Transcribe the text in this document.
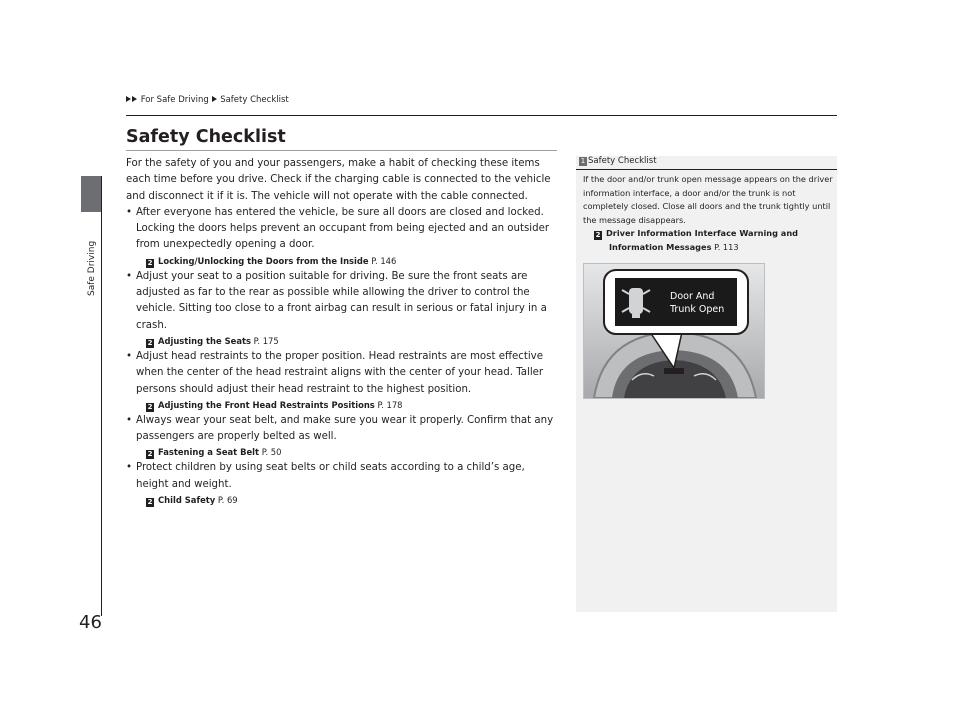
Safe Driving
For Safe Driving Safety Checklist
Safety Checklist

For the safety of you and your passengers, make a habit of checking these items each time before you drive. Check if the charging cable is connected to the vehicle and disconnect it if it is. The vehicle will not operate with the cable connected.

• After everyone has entered the vehicle, be sure all doors are closed and locked. Locking the doors helps prevent an occupant from being ejected and an outsider from unexpectedly opening a door.
2 Locking/Unlocking the Doors from the Inside P. 146
• Adjust your seat to a position suitable for driving. Be sure the front seats are adjusted as far to the rear as possible while allowing the driver to control the vehicle. Sitting too close to a front airbag can result in serious or fatal injury in a crash.
2 Adjusting the Seats P. 175
• Adjust head restraints to the proper position. Head restraints are most effective when the center of the head restraint aligns with the center of your head. Taller persons should adjust their head restraint to the highest position.
2 Adjusting the Front Head Restraints Positions P. 178
• Always wear your seat belt, and make sure you wear it properly. Confirm that any passengers are properly belted as well.
2 Fastening a Seat Belt P. 50
• Protect children by using seat belts or child seats according to a child’s age, height and weight.
2 Child Safety P. 69
1 Safety Checklist
If the door and/or trunk open message appears on the driver information interface, a door and/or the trunk is not completely closed. Close all doors and the trunk tightly until the message disappears.
2 Driver Information Interface Warning and
Information Messages P. 113
Door And
Trunk Open
46
